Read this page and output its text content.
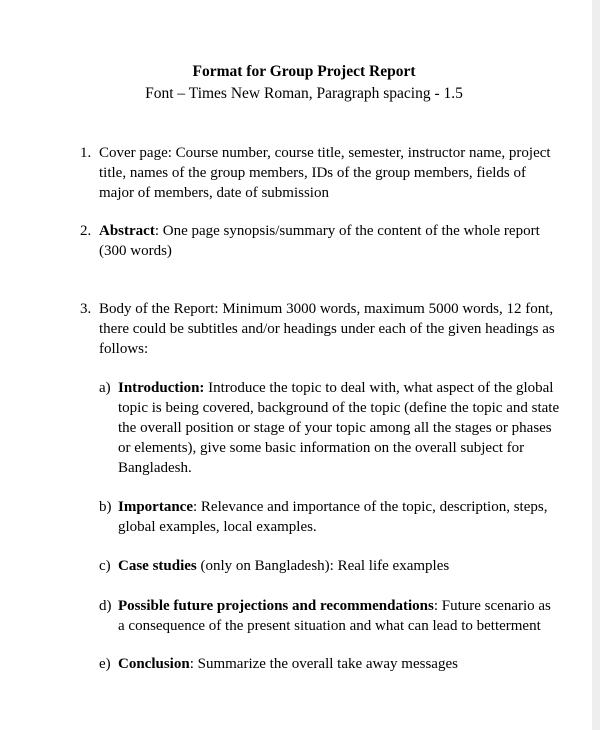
Format for Group Project Report
Font – Times New Roman, Paragraph spacing - 1.5
1. Cover page: Course number, course title, semester, instructor name, project
title, names of the group members, IDs of the group members, fields of
major of members, date of submission
2. Abstract: One page synopsis/summary of the content of the whole report
(300 words)
3. Body of the Report: Minimum 3000 words, maximum 5000 words, 12 font,
there could be subtitles and/or headings under each of the given headings as
follows:
a) Introduction: Introduce the topic to deal with, what aspect of the global
topic is being covered, background of the topic (define the topic and state
the overall position or stage of your topic among all the stages or phases
or elements), give some basic information on the overall subject for
Bangladesh.
b) Importance: Relevance and importance of the topic, description, steps,
global examples, local examples.
c) Case studies (only on Bangladesh): Real life examples
d) Possible future projections and recommendations: Future scenario as
a consequence of the present situation and what can lead to betterment
e) Conclusion: Summarize the overall take away messages
